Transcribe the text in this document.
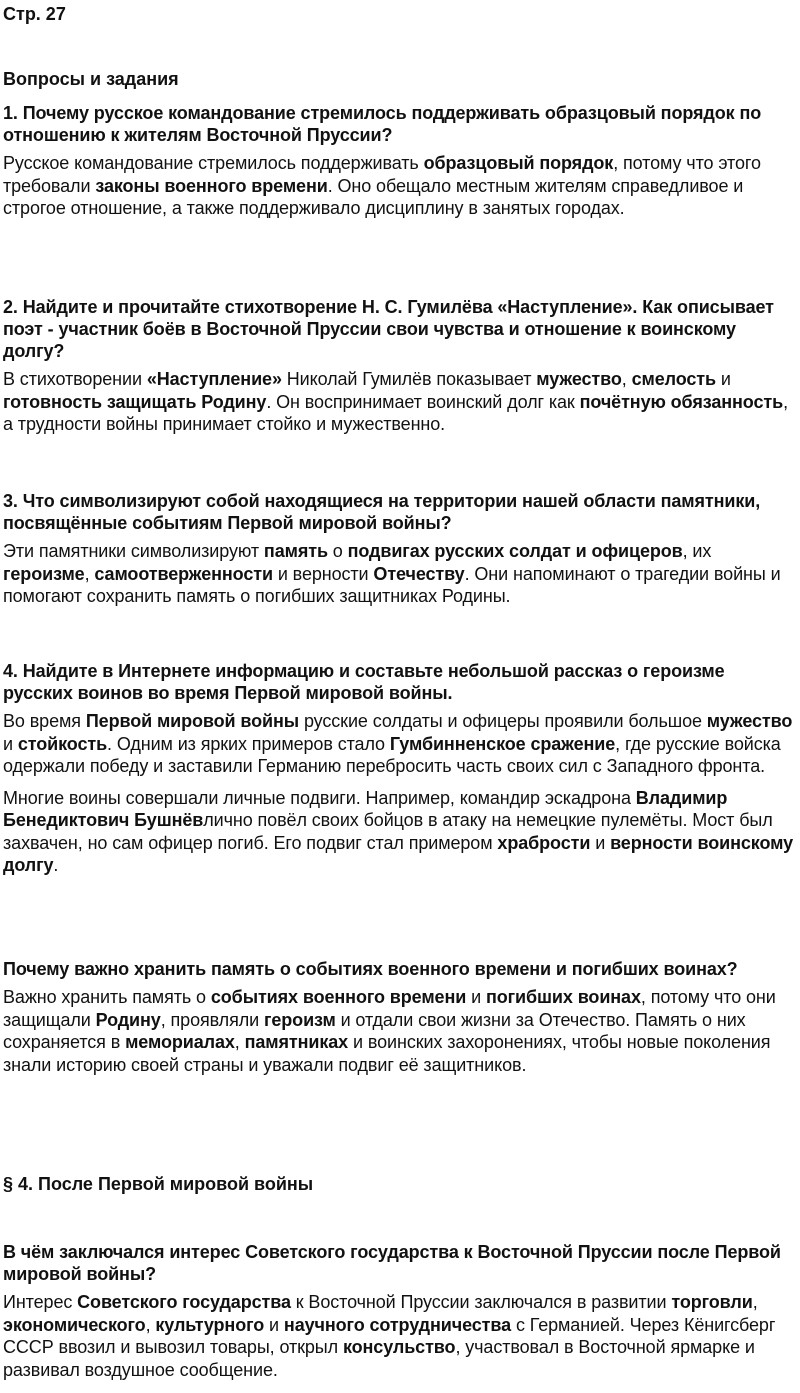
Стр. 27

Вопросы и задания

1. Почему русское командование стремилось поддерживать образцовый порядок по отношению к жителям Восточной Пруссии?

Русское командование стремилось поддерживать образцовый порядок, потому что этого требовали законы военного времени. Оно обещало местным жителям справедливое и строгое отношение, а также поддерживало дисциплину в занятых городах.

2. Найдите и прочитайте стихотворение Н. С. Гумилёва «Наступление». Как описывает поэт - участник боёв в Восточной Пруссии свои чувства и отношение к воинскому долгу?

В стихотворении «Наступление» Николай Гумилёв показывает мужество, смелость и готовность защищать Родину. Он воспринимает воинский долг как почётную обязанность, а трудности войны принимает стойко и мужественно.

3. Что символизируют собой находящиеся на территории нашей области памятники, посвящённые событиям Первой мировой войны?

Эти памятники символизируют память о подвигах русских солдат и офицеров, их героизме, самоотверженности и верности Отечеству. Они напоминают о трагедии войны и помогают сохранить память о погибших защитниках Родины.

4. Найдите в Интернете информацию и составьте небольшой рассказ о героизме русских воинов во время Первой мировой войны.

Во время Первой мировой войны русские солдаты и офицеры проявили большое мужество и стойкость. Одним из ярких примеров стало Гумбинненское сражение, где русские войска одержали победу и заставили Германию перебросить часть своих сил с Западного фронта.

Многие воины совершали личные подвиги. Например, командир эскадрона Владимир Бенедиктович Бушнёвлично повёл своих бойцов в атаку на немецкие пулемёты. Мост был захвачен, но сам офицер погиб. Его подвиг стал примером храбрости и верности воинскому долгу.

Почему важно хранить память о событиях военного времени и погибших воинах?

Важно хранить память о событиях военного времени и погибших воинах, потому что они защищали Родину, проявляли героизм и отдали свои жизни за Отечество. Память о них сохраняется в мемориалах, памятниках и воинских захоронениях, чтобы новые поколения знали историю своей страны и уважали подвиг её защитников.

§ 4. После Первой мировой войны

В чём заключался интерес Советского государства к Восточной Пруссии после Первой мировой войны?

Интерес Советского государства к Восточной Пруссии заключался в развитии торговли, экономического, культурного и научного сотрудничества с Германией. Через Кёнигсберг СССР ввозил и вывозил товары, открыл консульство, участвовал в Восточной ярмарке и развивал воздушное сообщение.
